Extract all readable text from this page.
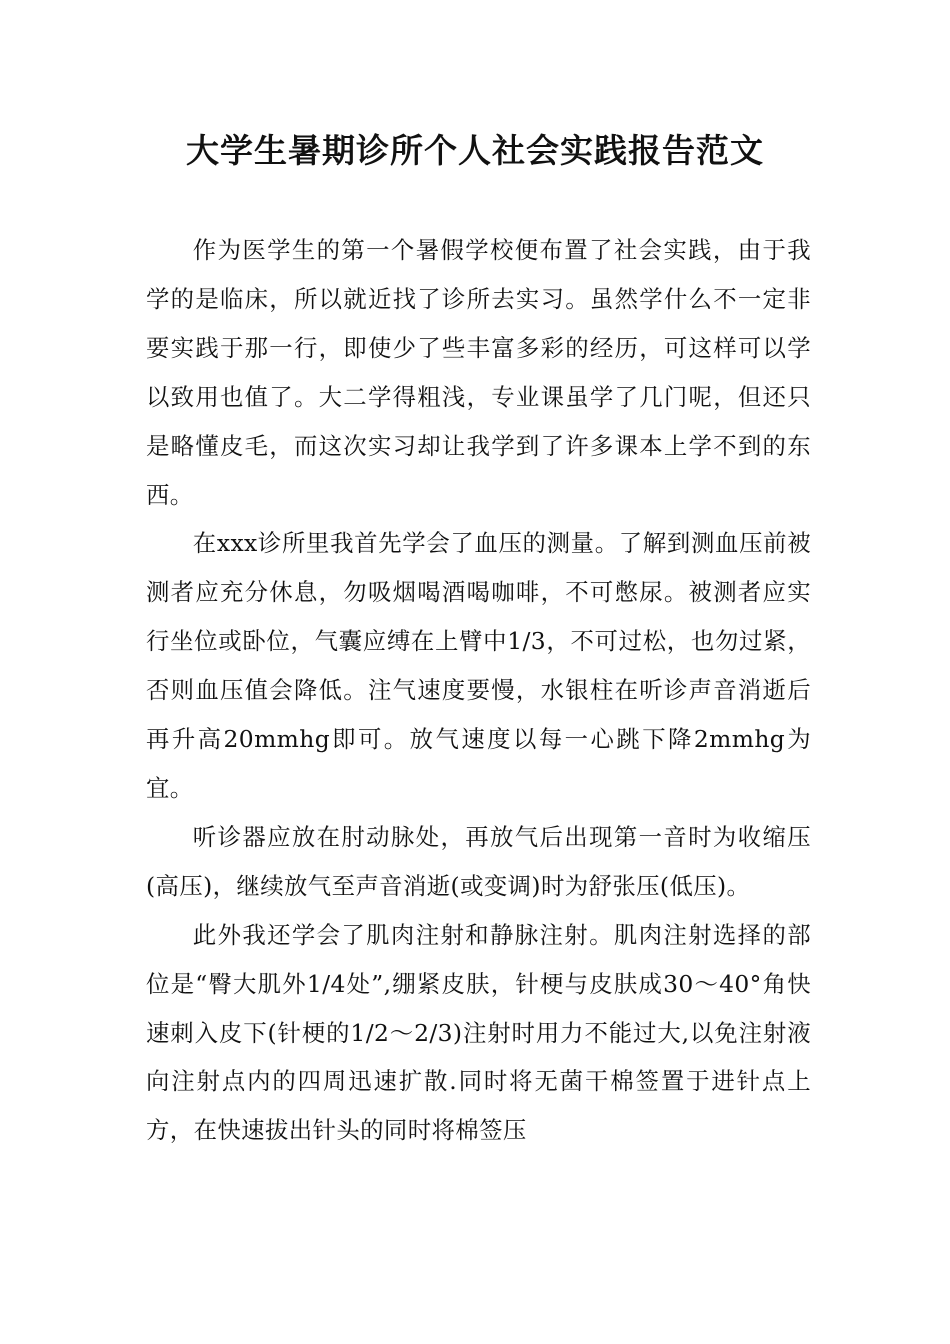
大学生暑期诊所个人社会实践报告范文

作为医学生的第一个暑假学校便布置了社会实践，由于我学的是临床，所以就近找了诊所去实习。虽然学什么不一定非要实践于那一行，即使少了些丰富多彩的经历，可这样可以学以致用也值了。大二学得粗浅，专业课虽学了几门呢，但还只是略懂皮毛，而这次实习却让我学到了许多课本上学不到的东西。

在xxx诊所里我首先学会了血压的测量。了解到测血压前被测者应充分休息，勿吸烟喝酒喝咖啡，不可憋尿。被测者应实行坐位或卧位，气囊应缚在上臂中1/3，不可过松，也勿过紧，否则血压值会降低。注气速度要慢，水银柱在听诊声音消逝后再升高20mmhg即可。放气速度以每一心跳下降2mmhg为宜。

听诊器应放在肘动脉处，再放气后出现第一音时为收缩压(高压)，继续放气至声音消逝(或变调)时为舒张压(低压)。

此外我还学会了肌肉注射和静脉注射。肌肉注射选择的部位是“臀大肌外1/4处”,绷紧皮肤，针梗与皮肤成30～40°角快速刺入皮下(针梗的1/2～2/3)注射时用力不能过大,以免注射液向注射点内的四周迅速扩散.同时将无菌干棉签置于进针点上方，在快速拔出针头的同时将棉签压
